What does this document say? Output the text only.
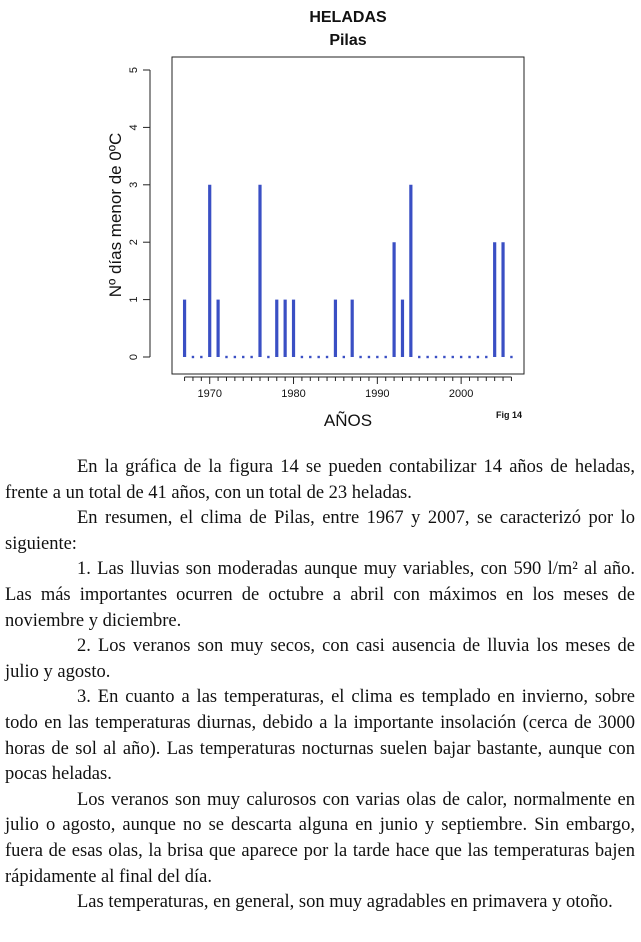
HELADAS
Pilas
0
1
2
3
4
5
1970	1980	1990	2000
Nº días menor de 0ºC
AÑOS	Fig 14

En la gráfica de la figura 14 se pueden contabilizar 14 años de heladas, frente a un total de 41 años, con un total de 23 heladas.

En resumen, el clima de Pilas, entre 1967 y 2007, se caracterizó por lo siguiente:

1. Las lluvias son moderadas aunque muy variables, con 590 l/m² al año. Las más importantes ocurren de octubre a abril con máximos en los meses de noviembre y diciembre.

2. Los veranos son muy secos, con casi ausencia de lluvia los meses de julio y agosto.

3. En cuanto a las temperaturas, el clima es templado en invierno, sobre todo en las temperaturas diurnas, debido a la importante insolación (cerca de 3000 horas de sol al año). Las temperaturas nocturnas suelen bajar bastante, aunque con pocas heladas.

Los veranos son muy calurosos con varias olas de calor, normalmente en julio o agosto, aunque no se descarta alguna en junio y septiembre. Sin embargo, fuera de esas olas, la brisa que aparece por la tarde hace que las temperaturas bajen rápidamente al final del día.

Las temperaturas, en general, son muy agradables en primavera y otoño.
